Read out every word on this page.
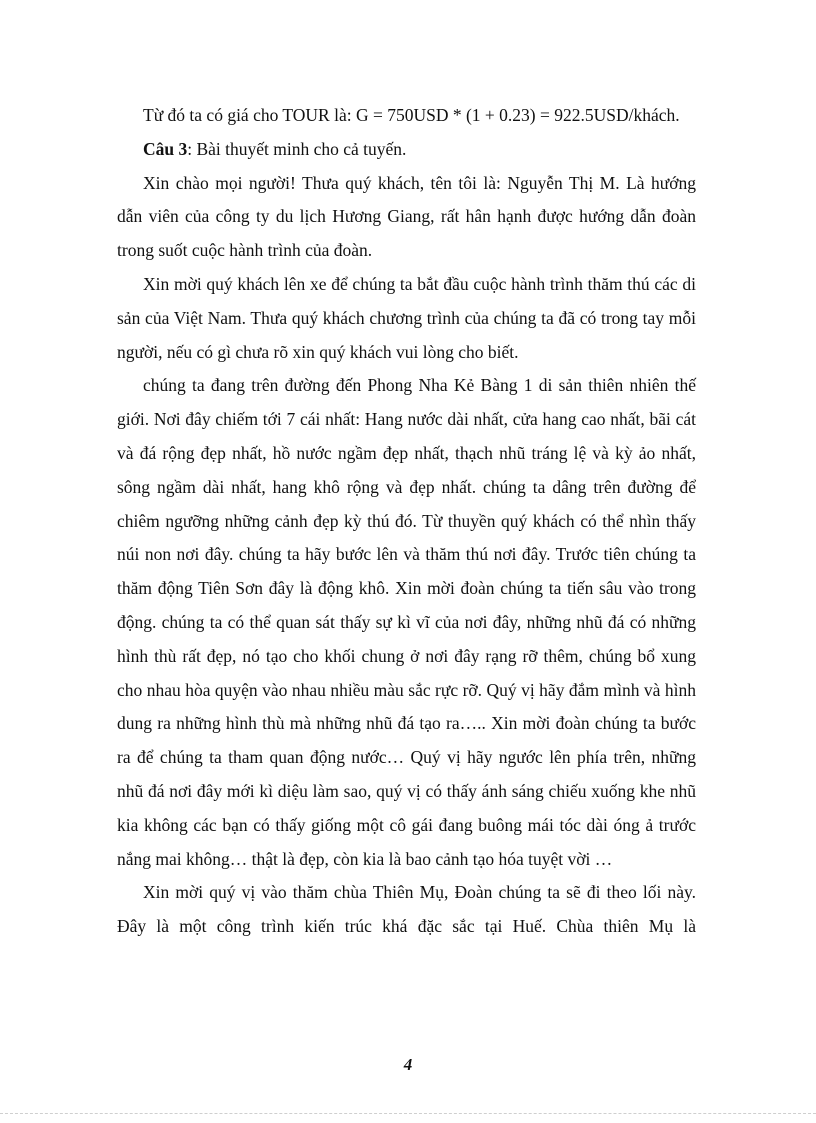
Từ đó ta có giá cho TOUR là: G = 750USD * (1 + 0.23) = 922.5USD/khách.

Câu 3: Bài thuyết minh cho cả tuyến.

Xin chào mọi người! Thưa quý khách, tên tôi là: Nguyễn Thị M. Là hướng dẫn viên của công ty du lịch Hương Giang, rất hân hạnh được hướng dẫn đoàn trong suốt cuộc hành trình của đoàn.

Xin mời quý khách lên xe để chúng ta bắt đầu cuộc hành trình thăm thú các di sản của Việt Nam. Thưa quý khách chương trình của chúng ta đã có trong tay mỗi người, nếu có gì chưa rõ xin quý khách vui lòng cho biết.

chúng ta đang trên đường đến Phong Nha Kẻ Bàng 1 di sản thiên nhiên thế giới. Nơi đây chiếm tới 7 cái nhất: Hang nước dài nhất, cửa hang cao nhất, bãi cát và đá rộng đẹp nhất, hồ nước ngầm đẹp nhất, thạch nhũ tráng lệ và kỳ ảo nhất, sông ngầm dài nhất, hang khô rộng và đẹp nhất. chúng ta dâng trên đường để chiêm ngưỡng những cảnh đẹp kỳ thú đó. Từ thuyền quý khách có thể nhìn thấy núi non nơi đây. chúng ta hãy bước lên và thăm thú nơi đây. Trước tiên chúng ta thăm động Tiên Sơn đây là động khô. Xin mời đoàn chúng ta tiến sâu vào trong động. chúng ta có thể quan sát thấy sự kì vĩ của nơi đây, những nhũ đá có những hình thù rất đẹp, nó tạo cho khối chung ở nơi đây rạng rỡ thêm, chúng bổ xung cho nhau hòa quyện vào nhau nhiều màu sắc rực rỡ. Quý vị hãy đắm mình và hình dung ra những hình thù mà những nhũ đá tạo ra….. Xin mời đoàn chúng ta bước ra để chúng ta tham quan động nước… Quý vị hãy ngước lên phía trên, những nhũ đá nơi đây mới kì diệu làm sao, quý vị có thấy ánh sáng chiếu xuống khe nhũ kia không các bạn có thấy giống một cô gái đang buông mái tóc dài óng ả trước nắng mai không… thật là đẹp, còn kia là bao cảnh tạo hóa tuyệt vời …

Xin mời quý vị vào thăm chùa Thiên Mụ, Đoàn chúng ta sẽ đi theo lối này. Đây là một công trình kiến trúc khá đặc sắc tại Huế. Chùa thiên Mụ là

4
